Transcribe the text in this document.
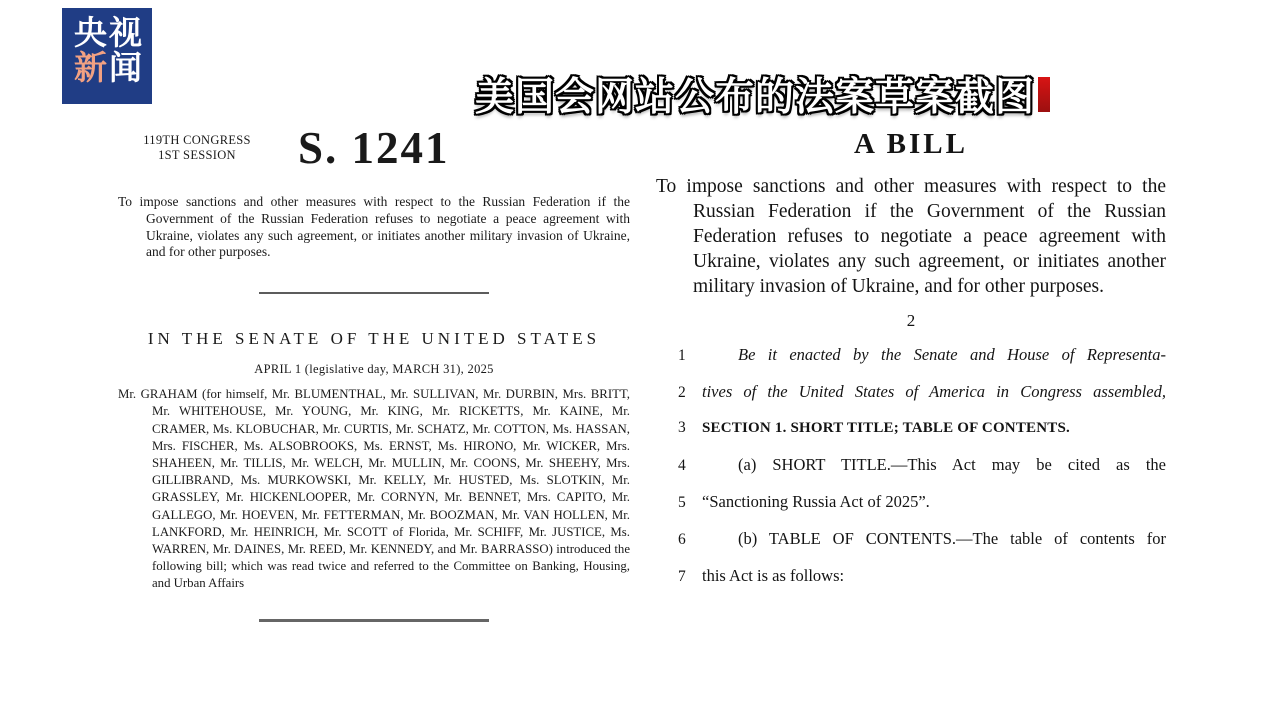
央视
新闻
美国会网站公布的法案草案截图
119TH CONGRESS
1ST SESSION	S. 1241

To impose sanctions and other measures with respect to the Russian Federation if the Government of the Russian Federation refuses to negotiate a peace agreement with Ukraine, violates any such agreement, or initiates another military invasion of Ukraine, and for other purposes.

IN THE SENATE OF THE UNITED STATES
APRIL 1 (legislative day, MARCH 31), 2025

Mr. GRAHAM (for himself, Mr. BLUMENTHAL, Mr. SULLIVAN, Mr. DURBIN, Mrs. BRITT, Mr. WHITEHOUSE, Mr. YOUNG, Mr. KING, Mr. RICKETTS, Mr. KAINE, Mr. CRAMER, Ms. KLOBUCHAR, Mr. CURTIS, Mr. SCHATZ, Mr. COTTON, Ms. HASSAN, Mrs. FISCHER, Ms. ALSOBROOKS, Ms. ERNST, Ms. HIRONO, Mr. WICKER, Mrs. SHAHEEN, Mr. TILLIS, Mr. WELCH, Mr. MULLIN, Mr. COONS, Mr. SHEEHY, Mrs. GILLIBRAND, Ms. MURKOWSKI, Mr. KELLY, Mr. HUSTED, Ms. SLOTKIN, Mr. GRASSLEY, Mr. HICKENLOOPER, Mr. CORNYN, Mr. BENNET, Mrs. CAPITO, Mr. GALLEGO, Mr. HOEVEN, Mr. FETTERMAN, Mr. BOOZMAN, Mr. VAN HOLLEN, Mr. LANKFORD, Mr. HEINRICH, Mr. SCOTT of Florida, Mr. SCHIFF, Mr. JUSTICE, Ms. WARREN, Mr. DAINES, Mr. REED, Mr. KENNEDY, and Mr. BARRASSO) introduced the following bill; which was read twice and referred to the Committee on Banking, Housing, and Urban Affairs

A BILL

To impose sanctions and other measures with respect to the Russian Federation if the Government of the Russian Federation refuses to negotiate a peace agreement with Ukraine, violates any such agreement, or initiates another military invasion of Ukraine, and for other purposes.

2
1	Be it enacted by the Senate and House of Representa-
2 tives of the United States of America in Congress assembled,
3	SECTION 1. SHORT TITLE; TABLE OF CONTENTS.
4	(a) SHORT TITLE.—This Act may be cited as the
5 “Sanctioning Russia Act of 2025”.
6	(b) TABLE OF CONTENTS.—The table of contents for
7 this Act is as follows:
